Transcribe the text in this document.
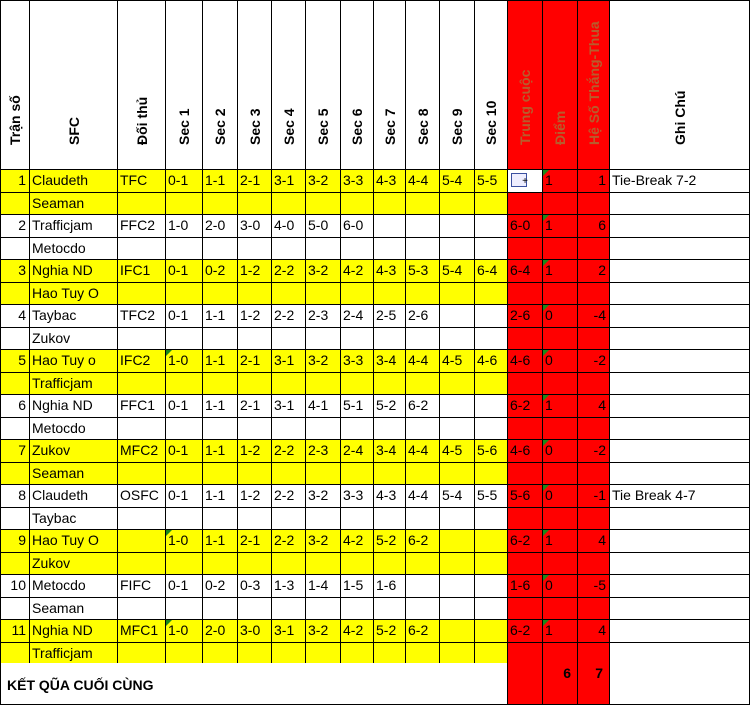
Trận số	SFC	Đối thủ Sec 1 Sec 2 Sec 3 Sec 4 Sec 5 Sec 6 Sec 7 Sec 8 Sec 9 Sec 10 Trung cuộc Điểm Hệ Số Thắng-Thua	Ghi Chú
1 Claudeth
Seaman
TFC	0-1	1-1	2-1 3-1 3-2	3-3 4-3 4-4 5-4	5-5
+	1	1 Tie-Break 7-2
2 Trafficjam
Metocdo
FFC2 1-0	2-0	3-0 4-0 5-0	6-0	6-0	1	6
3 Nghia ND
Hao Tuy O
IFC1	0-1	0-2	1-2 2-2 3-2	4-2 4-3 5-3 5-4	6-4 6-4	1	2
4 Taybac
Zukov
TFC2 0-1	1-1	1-2 2-2 2-3	2-4 2-5 2-6	2-6	0	-4
5 Hao Tuy o
Trafficjam
IFC2	1-0	1-1	2-1 3-1 3-2	3-3 3-4 4-4 4-5	4-6 4-6	0	-2
6 Nghia ND
Metocdo
FFC1 0-1	1-1	2-1 3-1 4-1	5-1 5-2 6-2	6-2	1	4
7 Zukov
Seaman
MFC2 0-1	1-1	1-2 2-2 2-3	2-4 3-4 4-4 4-5	5-6 4-6	0	-2
8 Claudeth
Taybac
OSFC 0-1	1-1	1-2 2-2 3-2	3-3 4-3 4-4 5-4	5-5 5-6	0	-1 Tie Break 4-7
9 Hao Tuy O
Zukov
1-0	1-1	2-1 2-2 3-2	4-2 5-2 6-2	6-2	1	4
10 Metocdo
Seaman
FIFC	0-1	0-2	0-3 1-3 1-4	1-5 1-6	1-6	0	-5
11 Nghia ND
Trafficjam
MFC1 1-0	2-0	3-0 3-1 3-2	4-2 5-2 6-2	6-2	1	4
KẾT QŨA CUỐI CÙNG
6	7
